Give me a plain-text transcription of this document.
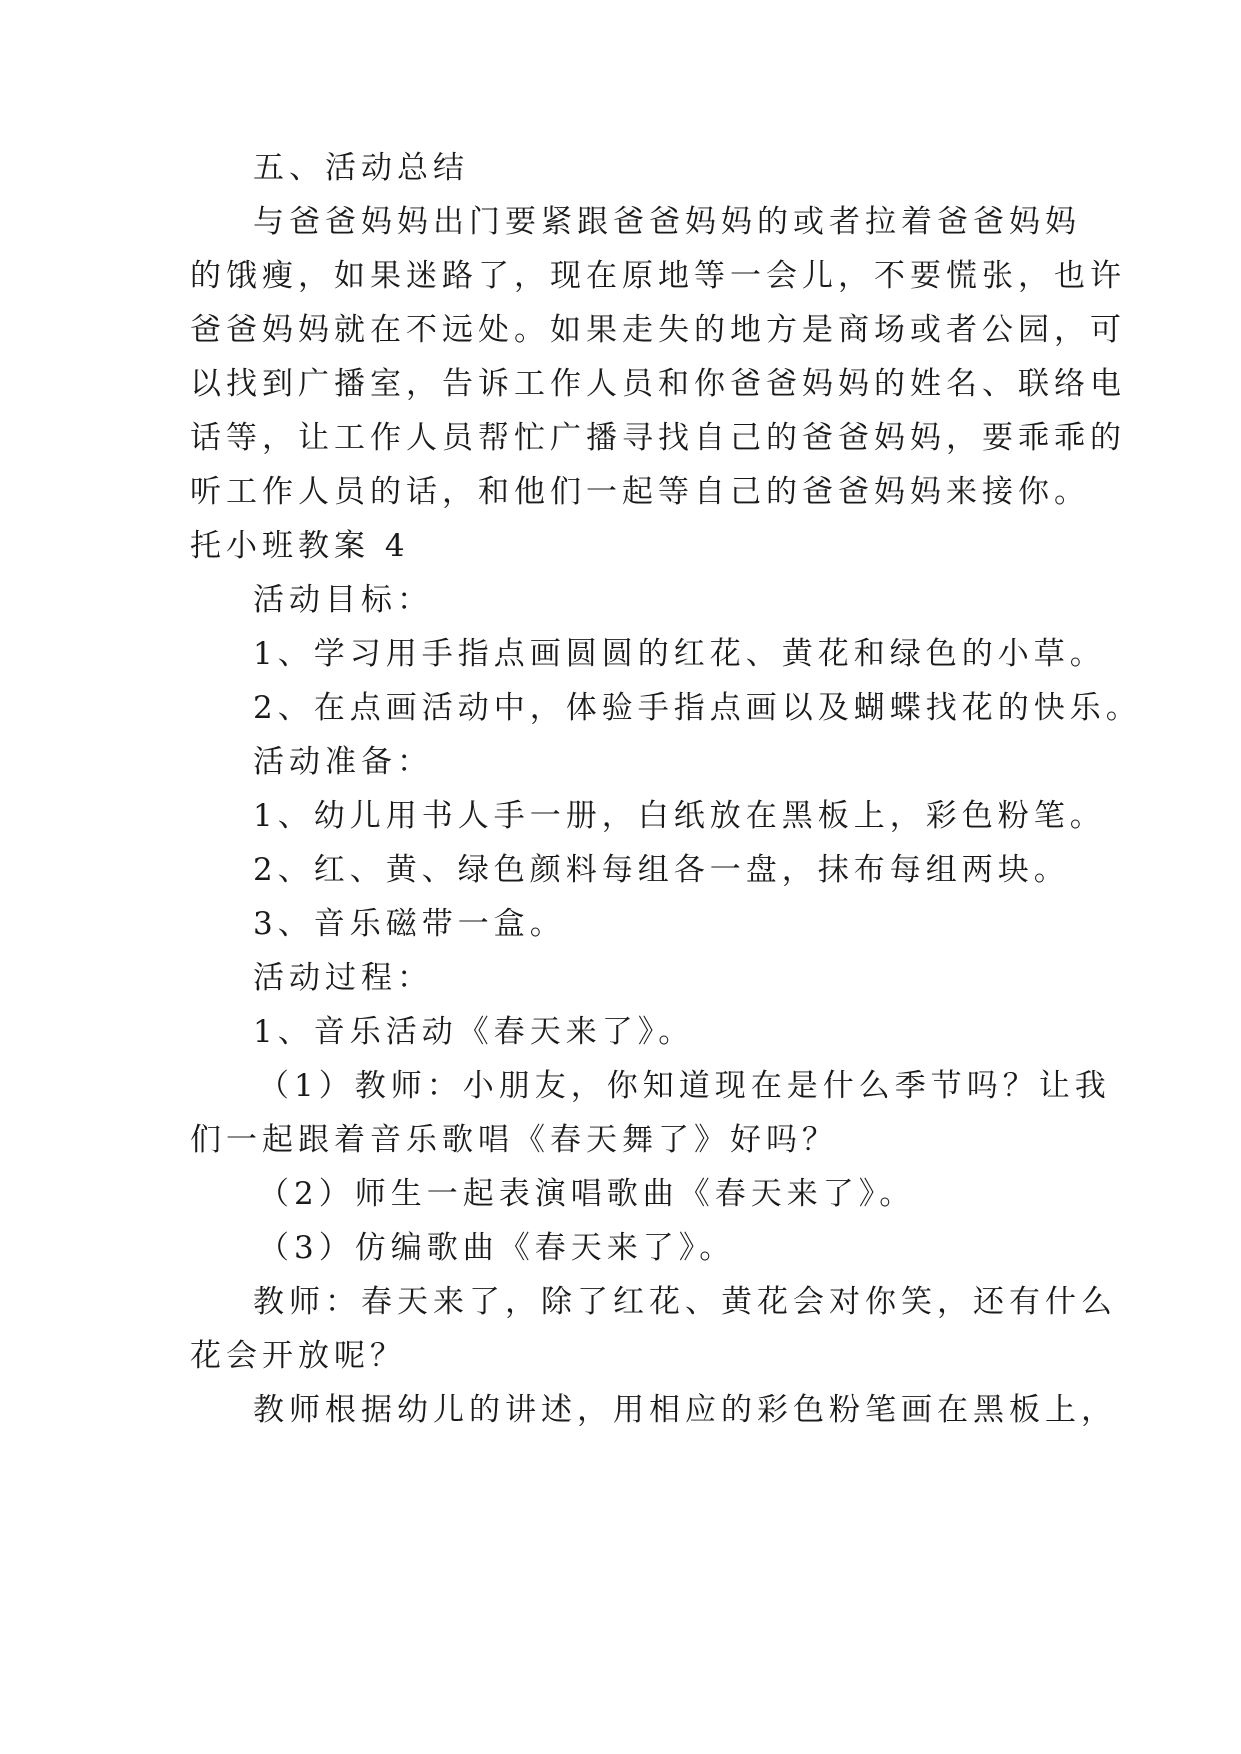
五、活动总结
与爸爸妈妈出门要紧跟爸爸妈妈的或者拉着爸爸妈妈
的饿瘦，如果迷路了，现在原地等一会儿，不要慌张，也许
爸爸妈妈就在不远处。如果走失的地方是商场或者公园，可
以找到广播室，告诉工作人员和你爸爸妈妈的姓名、联络电
话等，让工作人员帮忙广播寻找自己的爸爸妈妈，要乖乖的
听工作人员的话，和他们一起等自己的爸爸妈妈来接你。
托小班教案 4
活动目标：
1、学习用手指点画圆圆的红花、黄花和绿色的小草。
2、在点画活动中，体验手指点画以及蝴蝶找花的快乐。
活动准备：
1、幼儿用书人手一册，白纸放在黑板上，彩色粉笔。
2、红、黄、绿色颜料每组各一盘，抹布每组两块。
3、音乐磁带一盒。
活动过程：
1、音乐活动《春天来了》。
（1）教师：小朋友，你知道现在是什么季节吗？让我
们一起跟着音乐歌唱《春天舞了》好吗？
（2）师生一起表演唱歌曲《春天来了》。
（3）仿编歌曲《春天来了》。
教师：春天来了，除了红花、黄花会对你笑，还有什么
花会开放呢？
教师根据幼儿的讲述，用相应的彩色粉笔画在黑板上，
